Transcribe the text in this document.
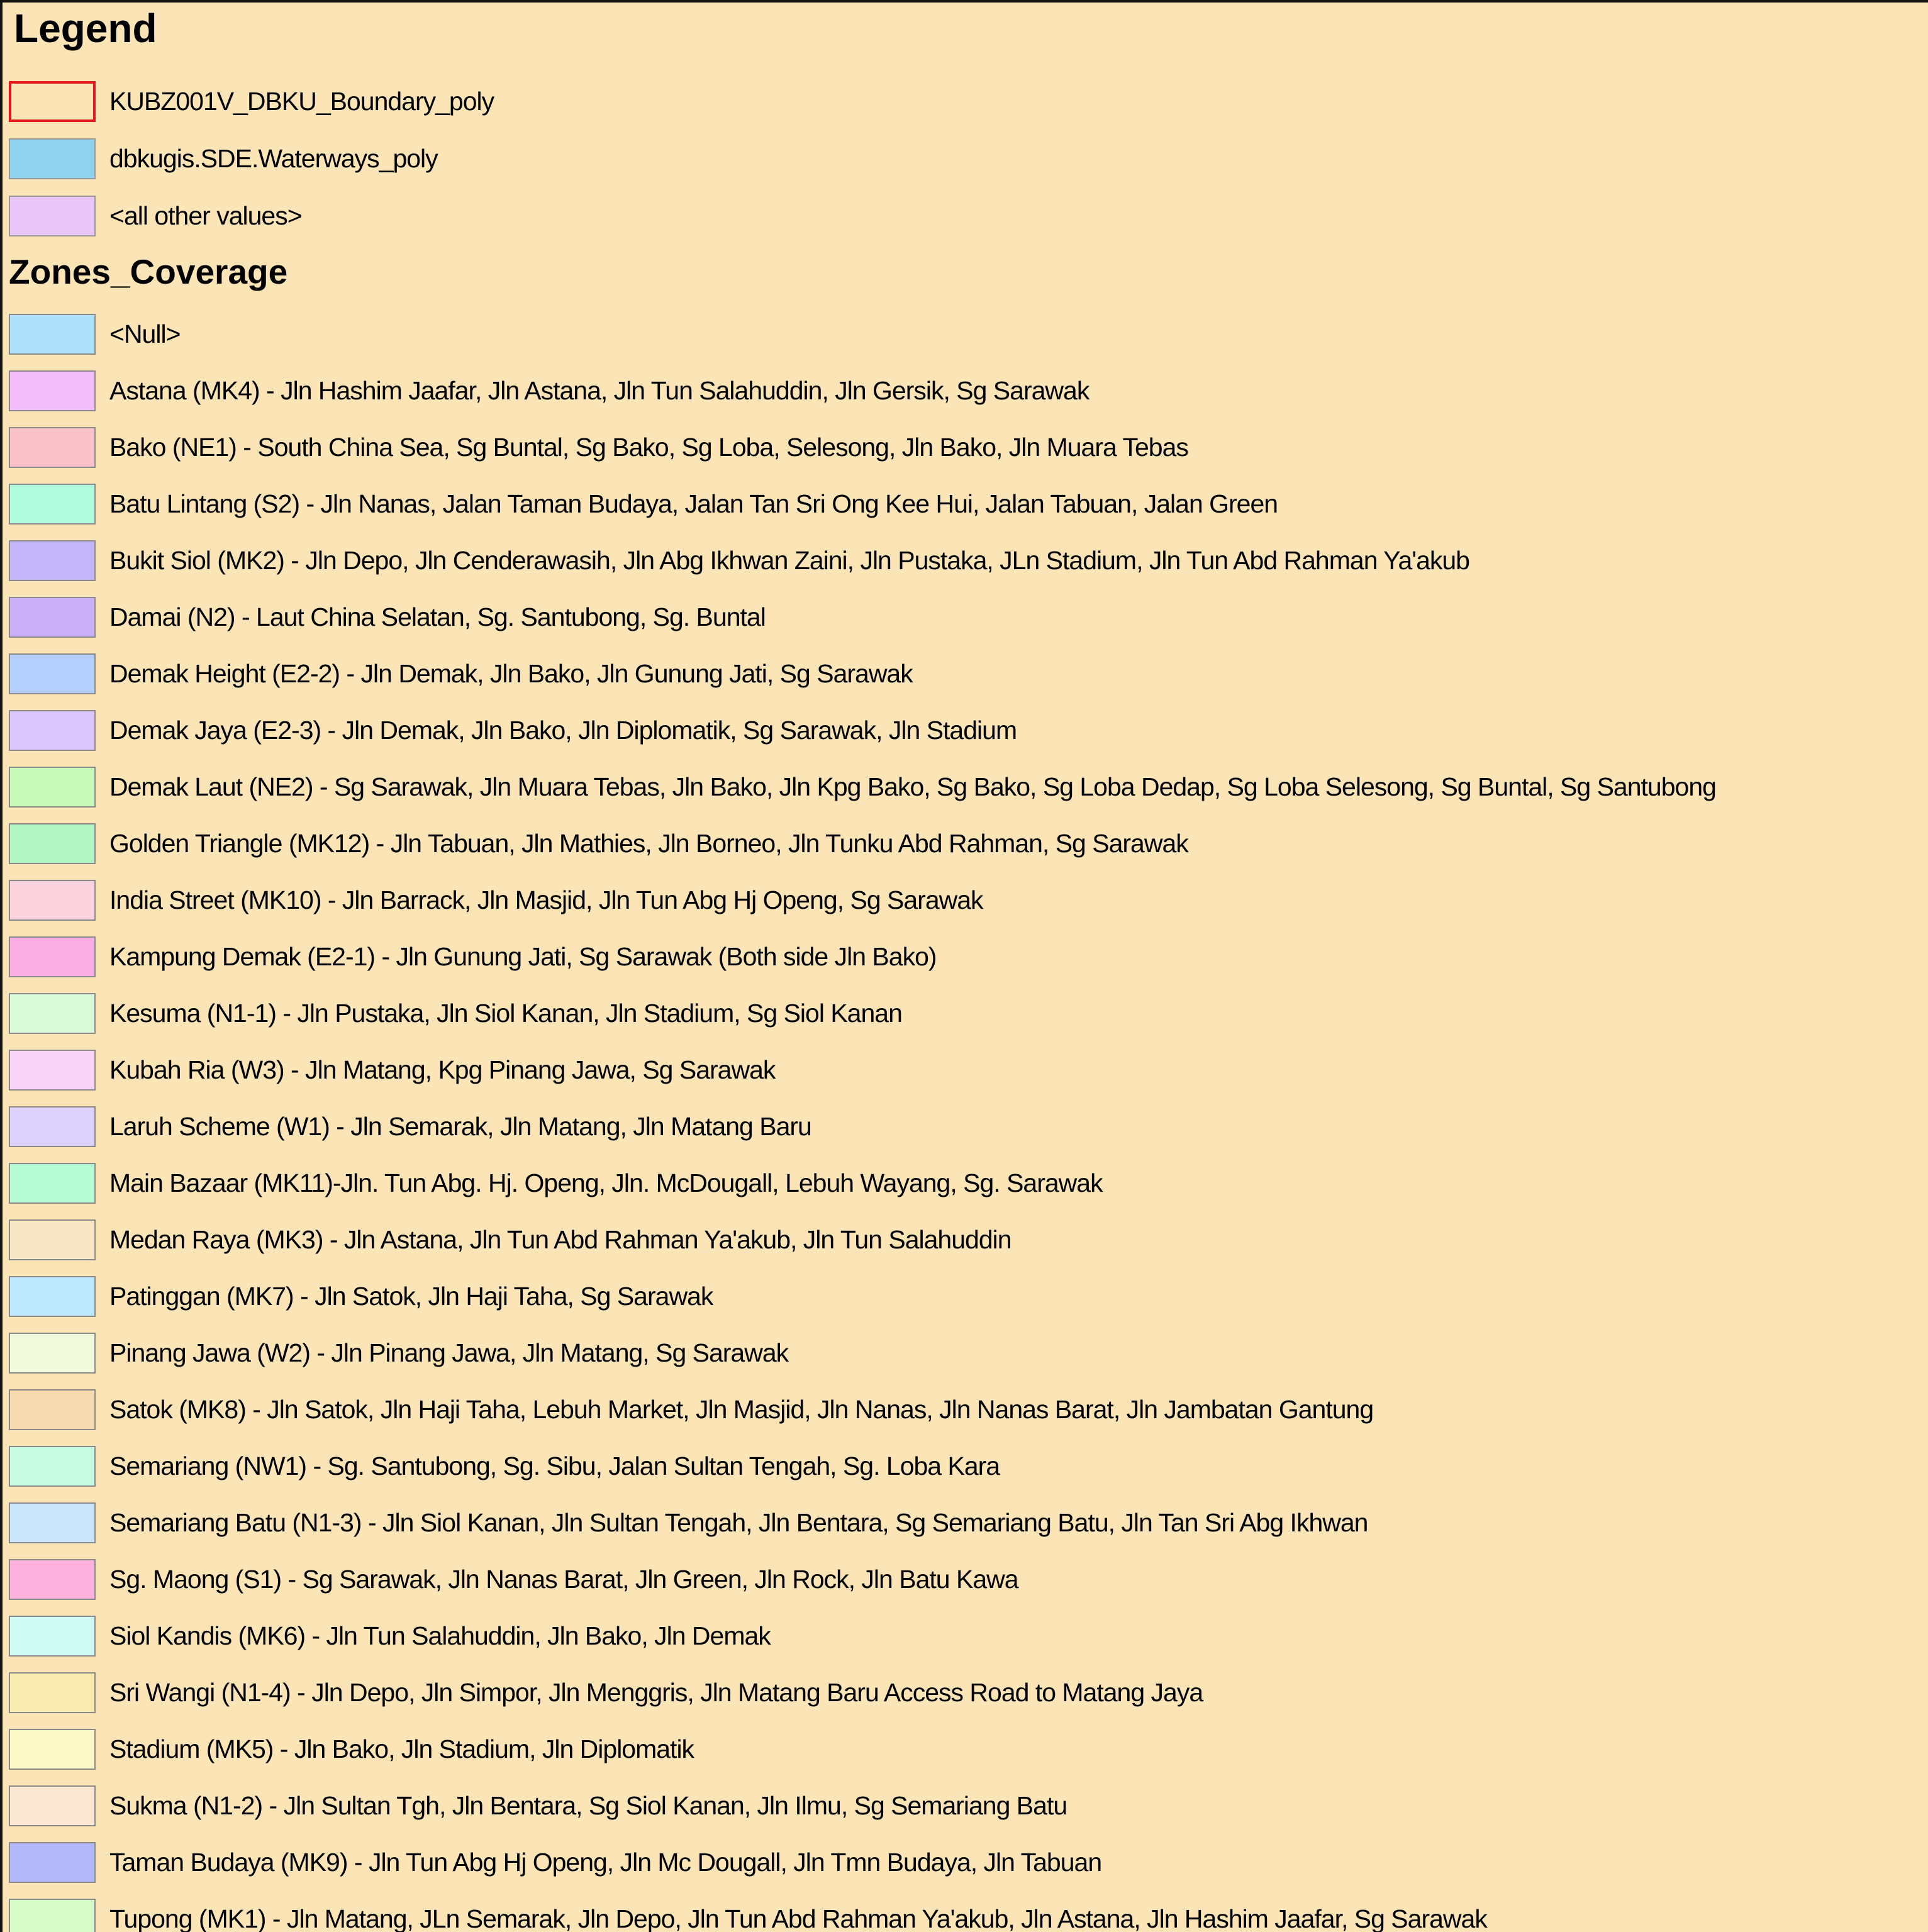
Legend
KUBZ001V_DBKU_Boundary_poly
dbkugis.SDE.Waterways_poly
<all other values>
Zones_Coverage
<Null>
Astana (MK4) - Jln Hashim Jaafar, Jln Astana, Jln Tun Salahuddin, Jln Gersik, Sg Sarawak
Bako (NE1) - South China Sea, Sg Buntal, Sg Bako, Sg Loba, Selesong, Jln Bako, Jln Muara Tebas
Batu Lintang (S2) - Jln Nanas, Jalan Taman Budaya, Jalan Tan Sri Ong Kee Hui, Jalan Tabuan, Jalan Green
Bukit Siol (MK2) - Jln Depo, Jln Cenderawasih, Jln Abg Ikhwan Zaini, Jln Pustaka, JLn Stadium, Jln Tun Abd Rahman Ya'akub
Damai (N2) - Laut China Selatan, Sg. Santubong, Sg. Buntal
Demak Height (E2-2) - Jln Demak, Jln Bako, Jln Gunung Jati, Sg Sarawak
Demak Jaya (E2-3) - Jln Demak, Jln Bako, Jln Diplomatik, Sg Sarawak, Jln Stadium
Demak Laut (NE2) - Sg Sarawak, Jln Muara Tebas, Jln Bako, Jln Kpg Bako, Sg Bako, Sg Loba Dedap, Sg Loba Selesong, Sg Buntal, Sg Santubong
Golden Triangle (MK12) - Jln Tabuan, Jln Mathies, Jln Borneo, Jln Tunku Abd Rahman, Sg Sarawak
India Street (MK10) - Jln Barrack, Jln Masjid, Jln Tun Abg Hj Openg, Sg Sarawak
Kampung Demak (E2-1) - Jln Gunung Jati, Sg Sarawak (Both side Jln Bako)
Kesuma (N1-1) - Jln Pustaka, Jln Siol Kanan, Jln Stadium, Sg Siol Kanan
Kubah Ria (W3) - Jln Matang, Kpg Pinang Jawa, Sg Sarawak
Laruh Scheme (W1) - Jln Semarak, Jln Matang, Jln Matang Baru
Main Bazaar (MK11)-Jln. Tun Abg. Hj. Openg, Jln. McDougall, Lebuh Wayang, Sg. Sarawak
Medan Raya (MK3) - Jln Astana, Jln Tun Abd Rahman Ya'akub, Jln Tun Salahuddin
Patinggan (MK7) - Jln Satok, Jln Haji Taha, Sg Sarawak
Pinang Jawa (W2) - Jln Pinang Jawa, Jln Matang, Sg Sarawak
Satok (MK8) - Jln Satok, Jln Haji Taha, Lebuh Market, Jln Masjid, Jln Nanas, Jln Nanas Barat, Jln Jambatan Gantung
Semariang (NW1) - Sg. Santubong, Sg. Sibu, Jalan Sultan Tengah, Sg. Loba Kara
Semariang Batu (N1-3) - Jln Siol Kanan, Jln Sultan Tengah, Jln Bentara, Sg Semariang Batu, Jln Tan Sri Abg Ikhwan
Sg. Maong (S1) - Sg Sarawak, Jln Nanas Barat, Jln Green, Jln Rock, Jln Batu Kawa
Siol Kandis (MK6) - Jln Tun Salahuddin, Jln Bako, Jln Demak
Sri Wangi (N1-4) - Jln Depo, Jln Simpor, Jln Menggris, Jln Matang Baru Access Road to Matang Jaya
Stadium (MK5) - Jln Bako, Jln Stadium, Jln Diplomatik
Sukma (N1-2) - Jln Sultan Tgh, Jln Bentara, Sg Siol Kanan, Jln Ilmu, Sg Semariang Batu
Taman Budaya (MK9) - Jln Tun Abg Hj Openg, Jln Mc Dougall, Jln Tmn Budaya, Jln Tabuan
Tupong (MK1) - Jln Matang, JLn Semarak, Jln Depo, Jln Tun Abd Rahman Ya'akub, Jln Astana, Jln Hashim Jaafar, Sg Sarawak
